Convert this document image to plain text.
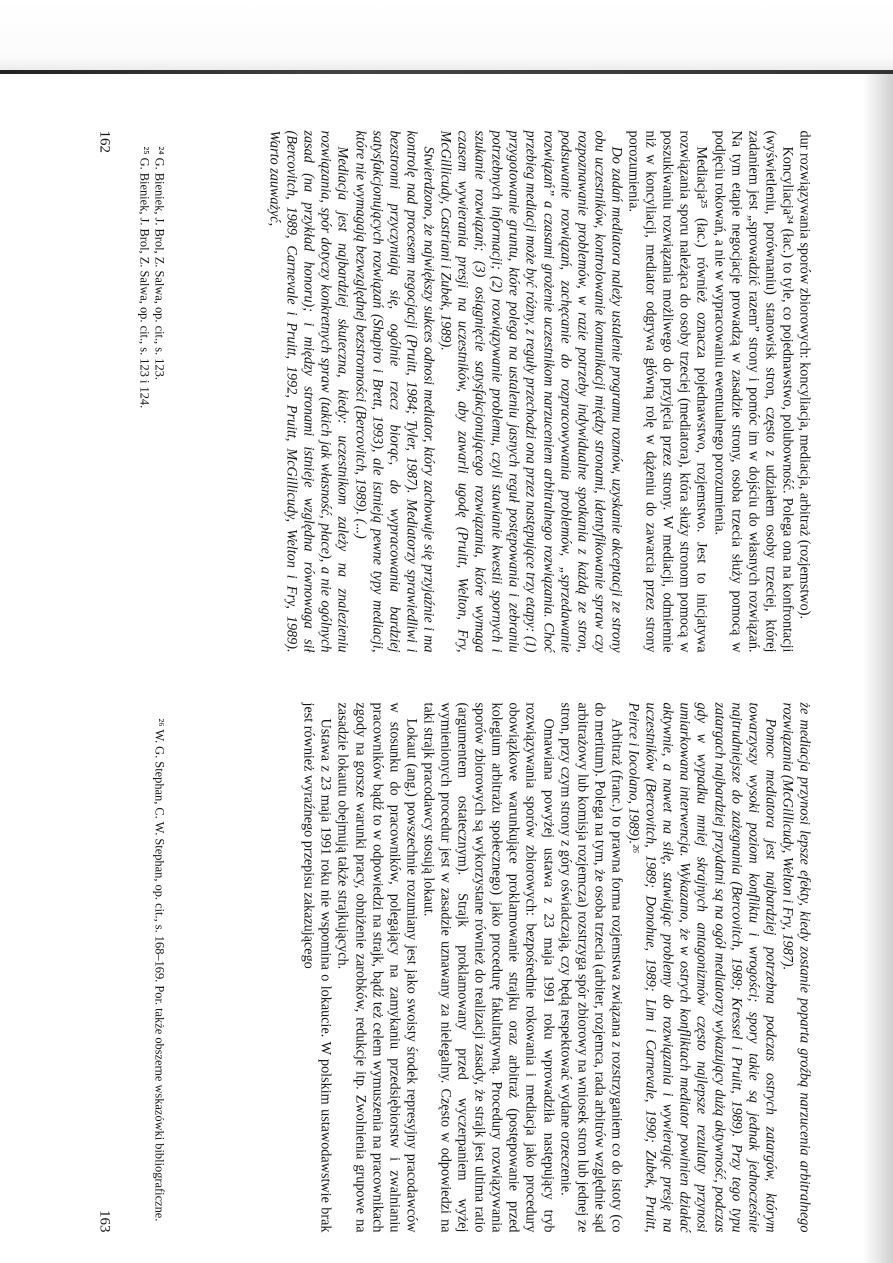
dur rozwiązywania sporów zbiorowych: koncyliacja, mediacja, arbitraż (rozjemstwo).

Koncyliacja²⁴ (łac.) to tyle, co pojednawstwo, polubowność. Polega ona na konfrontacji (wyświetleniu, porównaniu) stanowisk stron, często z udziałem osoby trzeciej, której zadaniem jest „sprowadzić razem” strony i pomóc im w dojściu do własnych rozwiązań. Na tym etapie negocjacje prowadzą w zasadzie strony, osoba trzecia służy pomocą w podjęciu rokowań, a nie w wypracowaniu ewentualnego porozumienia.

Mediacja²⁵ (łac.) również oznacza pojednawstwo, rozjemstwo. Jest to inicjatywa rozwiązania sporu należąca do osoby trzeciej (mediatora), która służy stronom pomocą w poszukiwaniu rozwiązania możliwego do przyjęcia przez strony. W mediacji, odmiennie niż w koncyliacji, mediator odgrywa główną rolę w dążeniu do zawarcia przez strony porozumienia.

Do zadań mediatora należy ustalenie programu rozmów, uzyskanie akceptacji ze strony obu uczestników, kontrolowanie komunikacji między stronami, identyfikowanie spraw czy rozpoznawanie problemów, w razie potrzeby indywidualne spotkania z każdą ze stron, podsuwanie rozwiązań, zachęcanie do rozpracowywania problemów, „sprzedawanie rozwiązań” a czasami grożenie uczestnikom narzuceniem arbitralnego rozwiązania. Choć przebieg mediacji może być różny, z reguły przechodzi ona przez następujące trzy etapy: (1) przygotowanie gruntu, które polega na ustaleniu jasnych reguł postępowania i zebraniu potrzebnych informacji; (2) rozwiązywanie problemu, czyli stawianie kwestii spornych i szukanie rozwiązań; (3) osiągnięcie satysfakcjonującego rozwiązania, które wymaga czasem wywierania presji na uczestników, aby zawarli ugodę (Pruitt, Welton, Fry, McGillicudy, Castriani i Zubek, 1989).

Stwierdzono, że największy sukces odnosi mediator, który zachowuje się przyjaźnie i ma kontrolę nad procesem negocjacji (Pruitt, 1984; Tyler, 1987). Mediatorzy sprawiedliwi i bezstronni przyczyniają się, ogólnie rzecz biorąc, do wypracowania bardziej satysfakcjonujących rozwiązań (Shapiro i Brett, 1993), ale istnieją pewne typy mediacji, które nie wymagają bezwzględnej bezstronności (Bercovitch, 1989). (...)

Mediacja jest najbardziej skuteczna, kiedy: uczestnikom zależy na znalezieniu rozwiązania, spór dotyczy konkretnych spraw (takich jak własność, płace), a nie ogólnych zasad (na przykład honoru); i między stronami istnieje względna równowaga sił (Bercovitch, 1989, Carnevale i Pruitt, 1992, Pruitt, McGillicudy, Welton i Fry, 1989). Warto zauważyć,

²⁴ G. Bieniek, J. Brol, Z. Salwa, op. cit., s. 123.

²⁵ G. Bieniek, J. Brol, Z. Salwa, op. cit., s. 123 i 124.

162

że mediacja przynosi lepsze efekty, kiedy zostanie poparta groźbą narzucenia arbitralnego rozwiązania (McGillicudy, Welton i Fry, 1987).

Pomoc mediatora jest najbardziej potrzebna podczas ostrych zatargów, którym towarzyszy wysoki poziom konfliktu i wrogości; spory takie są jednak jednocześnie najtrudniejsze do zażegnania (Bercovitch, 1989; Kressel i Pruitt, 1989). Przy tego typu zatargach najbardziej przydatni są na ogół mediatorzy wykazujący dużą aktywność, podczas gdy w wypadku mniej skrajnych antagonizmów często najlepsze rezultaty przynosi umiarkowana interwencja. Wykazano, że w ostrych konfliktach mediator powinien działać aktywnie, a nawet na siłę, stawiając problemy do rozwiązania i wywierając presję na uczestników (Bercovitch, 1989; Donohue, 1989; Lim i Carnevale, 1990; Zubek, Pruitt, Peirce i Iocolano, 1989).²⁶

Arbitraż (franc.) to prawna forma rozjemstwa związana z rozstrzyganiem co do istoty (co do meritum). Polega na tym, że osoba trzecia (arbiter, rozjemca, rada arbitrów względnie sąd arbitrażowy lub komisja rozjemcza) rozstrzyga spór zbiorowy na wniosek stron lub jednej ze stron, przy czym strony z góry oświadczają, czy będą respektować wydane orzeczenie.

Omawiana powyżej ustawa z 23 maja 1991 roku wprowadziła następujący tryb rozwiązywania sporów zbiorowych: bezpośrednie rokowania i mediacja jako procedury obowiązkowe warunkujące proklamowanie strajku oraz arbitraż (postępowanie przed kolegium arbitrażu społecznego) jako procedurę fakultatywną. Procedury rozwiązywania sporów zbiorowych są wykorzystane również do realizacji zasady, że strajk jest ultima ratio (argumentem ostatecznym). Strajk proklamowany przed wyczerpaniem wyżej wymienionych procedur jest w zasadzie uznawany za nielegalny. Często w odpowiedzi na taki strajk pracodawcy stosują lokaut.

Lokaut (ang.) powszechnie rozumiany jest jako swoisty środek represyjny pracodawców w stosunku do pracowników, polegający na zamykaniu przedsiębiorstw i zwalnianiu pracowników bądź to w odpowiedzi na strajk, bądź też celem wymuszenia na pracownikach zgody na gorsze warunki pracy, obniżenie zarobków, redukcje itp. Zwolnienia grupowe na zasadzie lokautu obejmują także strajkujących.

Ustawa z 23 maja 1991 roku nie wspomina o lokaucie. W polskim ustawodawstwie brak jest również wyraźnego przepisu zakazującego

²⁶ W. G. Stephan, C. W. Stephan, op. cit., s. 168–169. Por. także obszerne wskazówki bibliograficzne.

163
